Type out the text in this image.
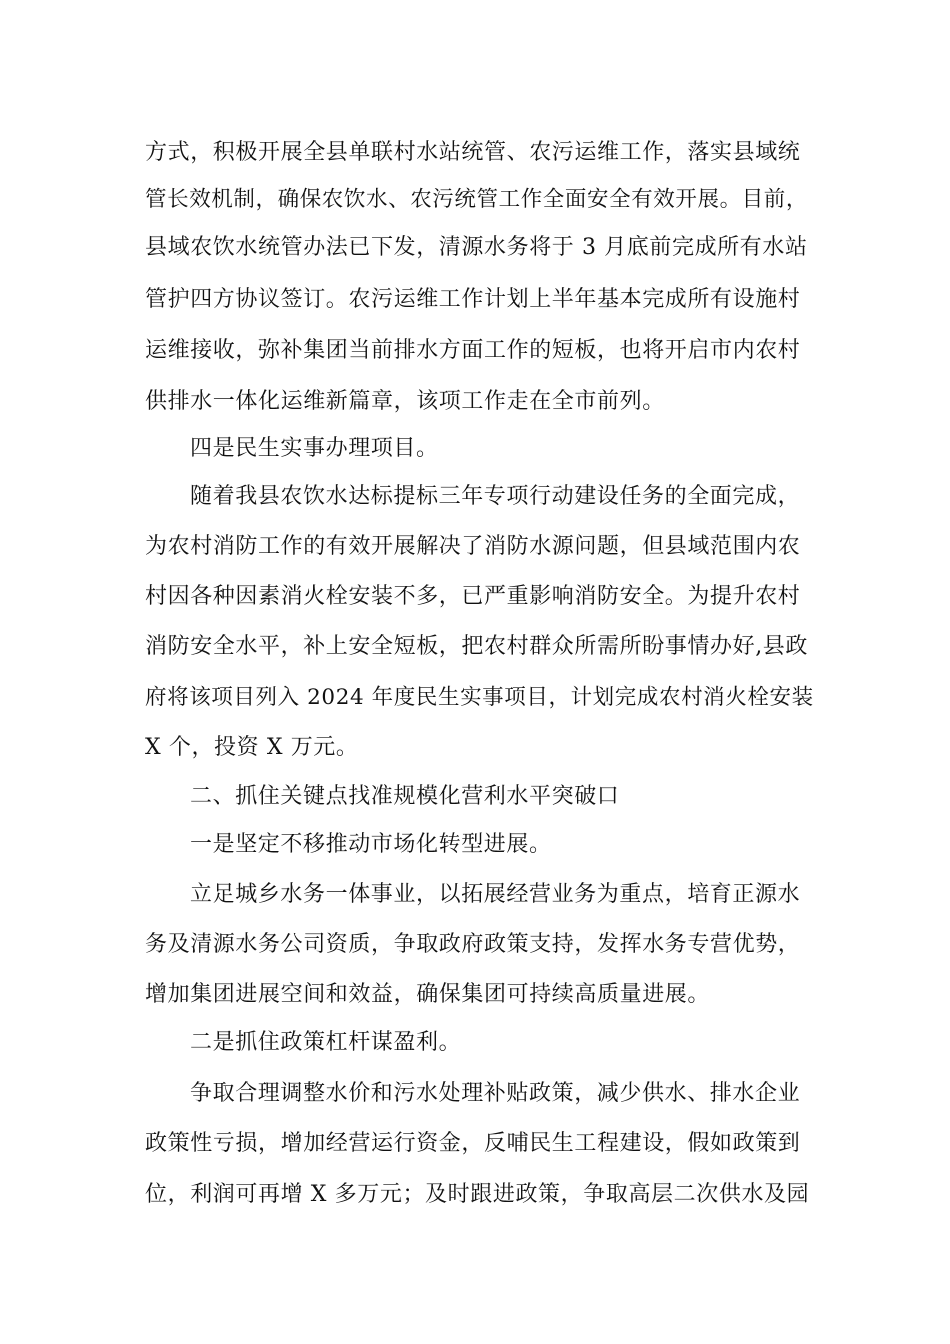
方式，积极开展全县单联村水站统管、农污运维工作，落实县域统
管长效机制，确保农饮水、农污统管工作全面安全有效开展。目前，
县域农饮水统管办法已下发，清源水务将于 3 月底前完成所有水站
管护四方协议签订。农污运维工作计划上半年基本完成所有设施村
运维接收，弥补集团当前排水方面工作的短板，也将开启市内农村
供排水一体化运维新篇章，该项工作走在全市前列。
四是民生实事办理项目。
随着我县农饮水达标提标三年专项行动建设任务的全面完成，
为农村消防工作的有效开展解决了消防水源问题，但县域范围内农
村因各种因素消火栓安装不多，已严重影响消防安全。为提升农村
消防安全水平，补上安全短板，把农村群众所需所盼事情办好,县政
府将该项目列入 2024 年度民生实事项目，计划完成农村消火栓安装
X 个，投资 X 万元。
二、抓住关键点找准规模化营利水平突破口
一是坚定不移推动市场化转型进展。
立足城乡水务一体事业，以拓展经营业务为重点，培育正源水
务及清源水务公司资质，争取政府政策支持，发挥水务专营优势，
增加集团进展空间和效益，确保集团可持续高质量进展。
二是抓住政策杠杆谋盈利。
争取合理调整水价和污水处理补贴政策，减少供水、排水企业
政策性亏损，增加经营运行资金，反哺民生工程建设，假如政策到
位，利润可再增 X 多万元；及时跟进政策，争取高层二次供水及园
